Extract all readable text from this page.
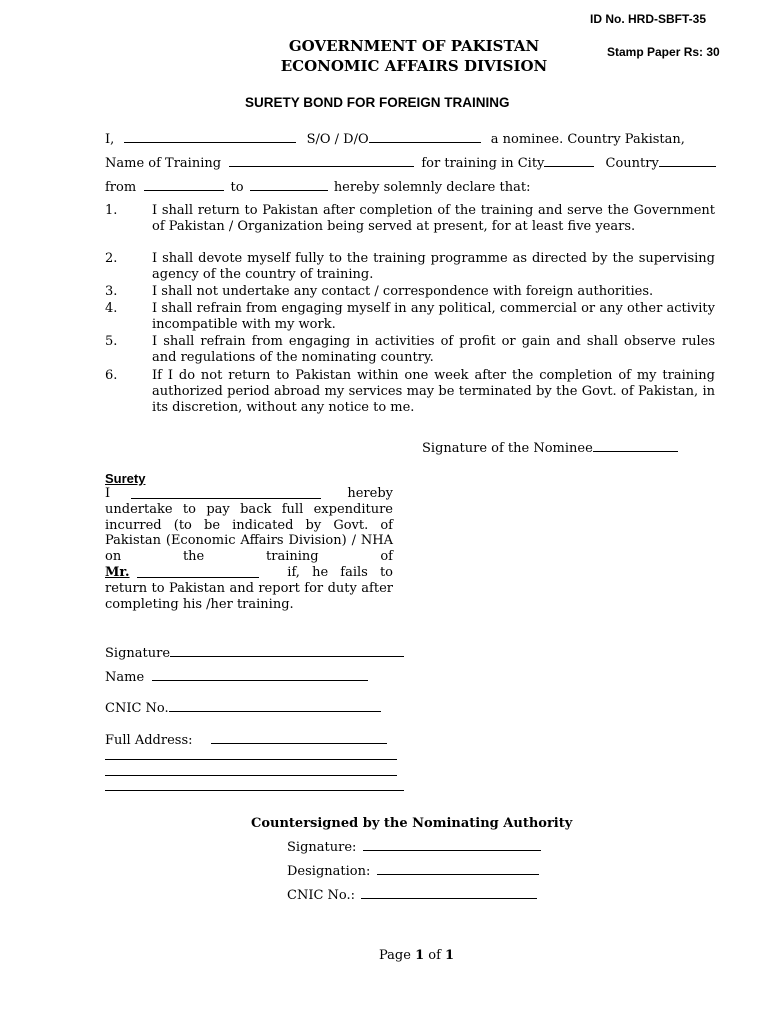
ID No. HRD-SBFT-35
Stamp Paper Rs: 30
GOVERNMENT OF PAKISTAN
ECONOMIC AFFAIRS DIVISION
SURETY BOND FOR FOREIGN TRAINING
I,	S/O / D/O	a nominee. Country Pakistan,
Name of Training	for training in City	Country
from	to	hereby solemnly declare that:
1.	I shall return to Pakistan after completion of the training and serve the Government of Pakistan / Organization being served at present, for at least five years.
2.	I shall devote myself fully to the training programme as directed by the supervising agency of the country of training.
3.	I shall not undertake any contact / correspondence with foreign authorities.
4.	I shall refrain from engaging myself in any political, commercial or any other activity incompatible with my work.
5.	I shall refrain from engaging in activities of profit or gain and shall observe rules and regulations of the nominating country.
6.	If I do not return to Pakistan within one week after the completion of my training authorized period abroad my services may be terminated by the Govt. of Pakistan, in its discretion, without any notice to me.
Signature of the Nominee
Surety
I	hereby
undertake to pay back full expenditure incurred (to be indicated by Govt. of Pakistan (Economic Affairs Division) / NHA on the training of
Mr.	if, he fails to
return to Pakistan and report for duty after completing his /her training.
Signature
Name
CNIC No.
Full Address:
Countersigned by the Nominating Authority
Signature:
Designation:
CNIC No.:
Page 1 of 1
